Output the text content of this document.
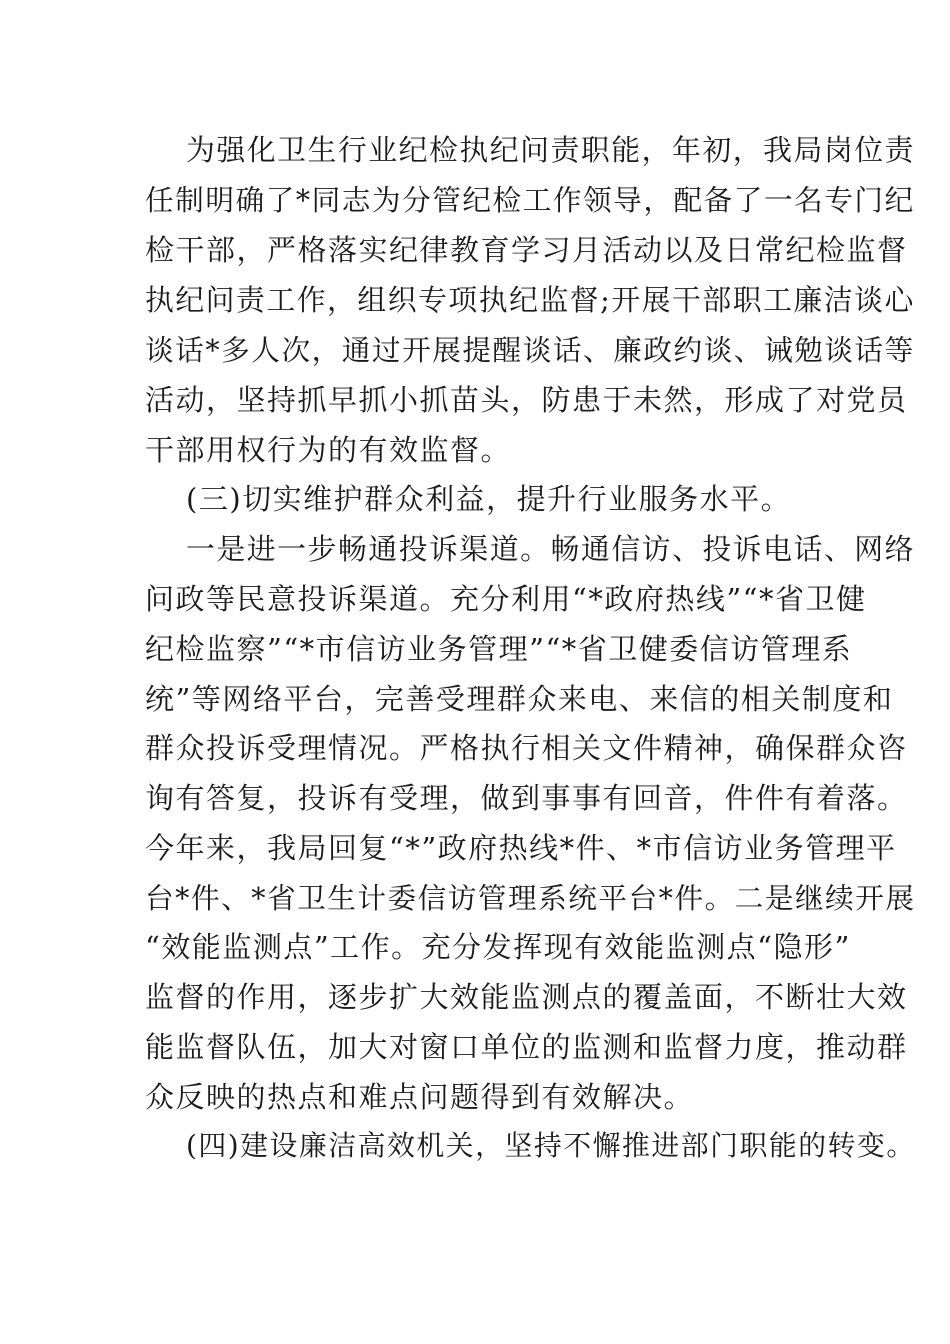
为强化卫生行业纪检执纪问责职能，年初，我局岗位责
任制明确了*同志为分管纪检工作领导，配备了一名专门纪
检干部，严格落实纪律教育学习月活动以及日常纪检监督
执纪问责工作，组织专项执纪监督;开展干部职工廉洁谈心
谈话*多人次，通过开展提醒谈话、廉政约谈、诫勉谈话等
活动，坚持抓早抓小抓苗头，防患于未然，形成了对党员
干部用权行为的有效监督。
(三)切实维护群众利益，提升行业服务水平。
一是进一步畅通投诉渠道。畅通信访、投诉电话、网络
问政等民意投诉渠道。充分利用“*政府热线”“*省卫健
纪检监察”“*市信访业务管理”“*省卫健委信访管理系
统”等网络平台，完善受理群众来电、来信的相关制度和
群众投诉受理情况。严格执行相关文件精神，确保群众咨
询有答复，投诉有受理，做到事事有回音，件件有着落。
今年来，我局回复“*”政府热线*件、*市信访业务管理平
台*件、*省卫生计委信访管理系统平台*件。二是继续开展
“效能监测点”工作。充分发挥现有效能监测点“隐形”
监督的作用，逐步扩大效能监测点的覆盖面，不断壮大效
能监督队伍，加大对窗口单位的监测和监督力度，推动群
众反映的热点和难点问题得到有效解决。
(四)建设廉洁高效机关，坚持不懈推进部门职能的转变。
